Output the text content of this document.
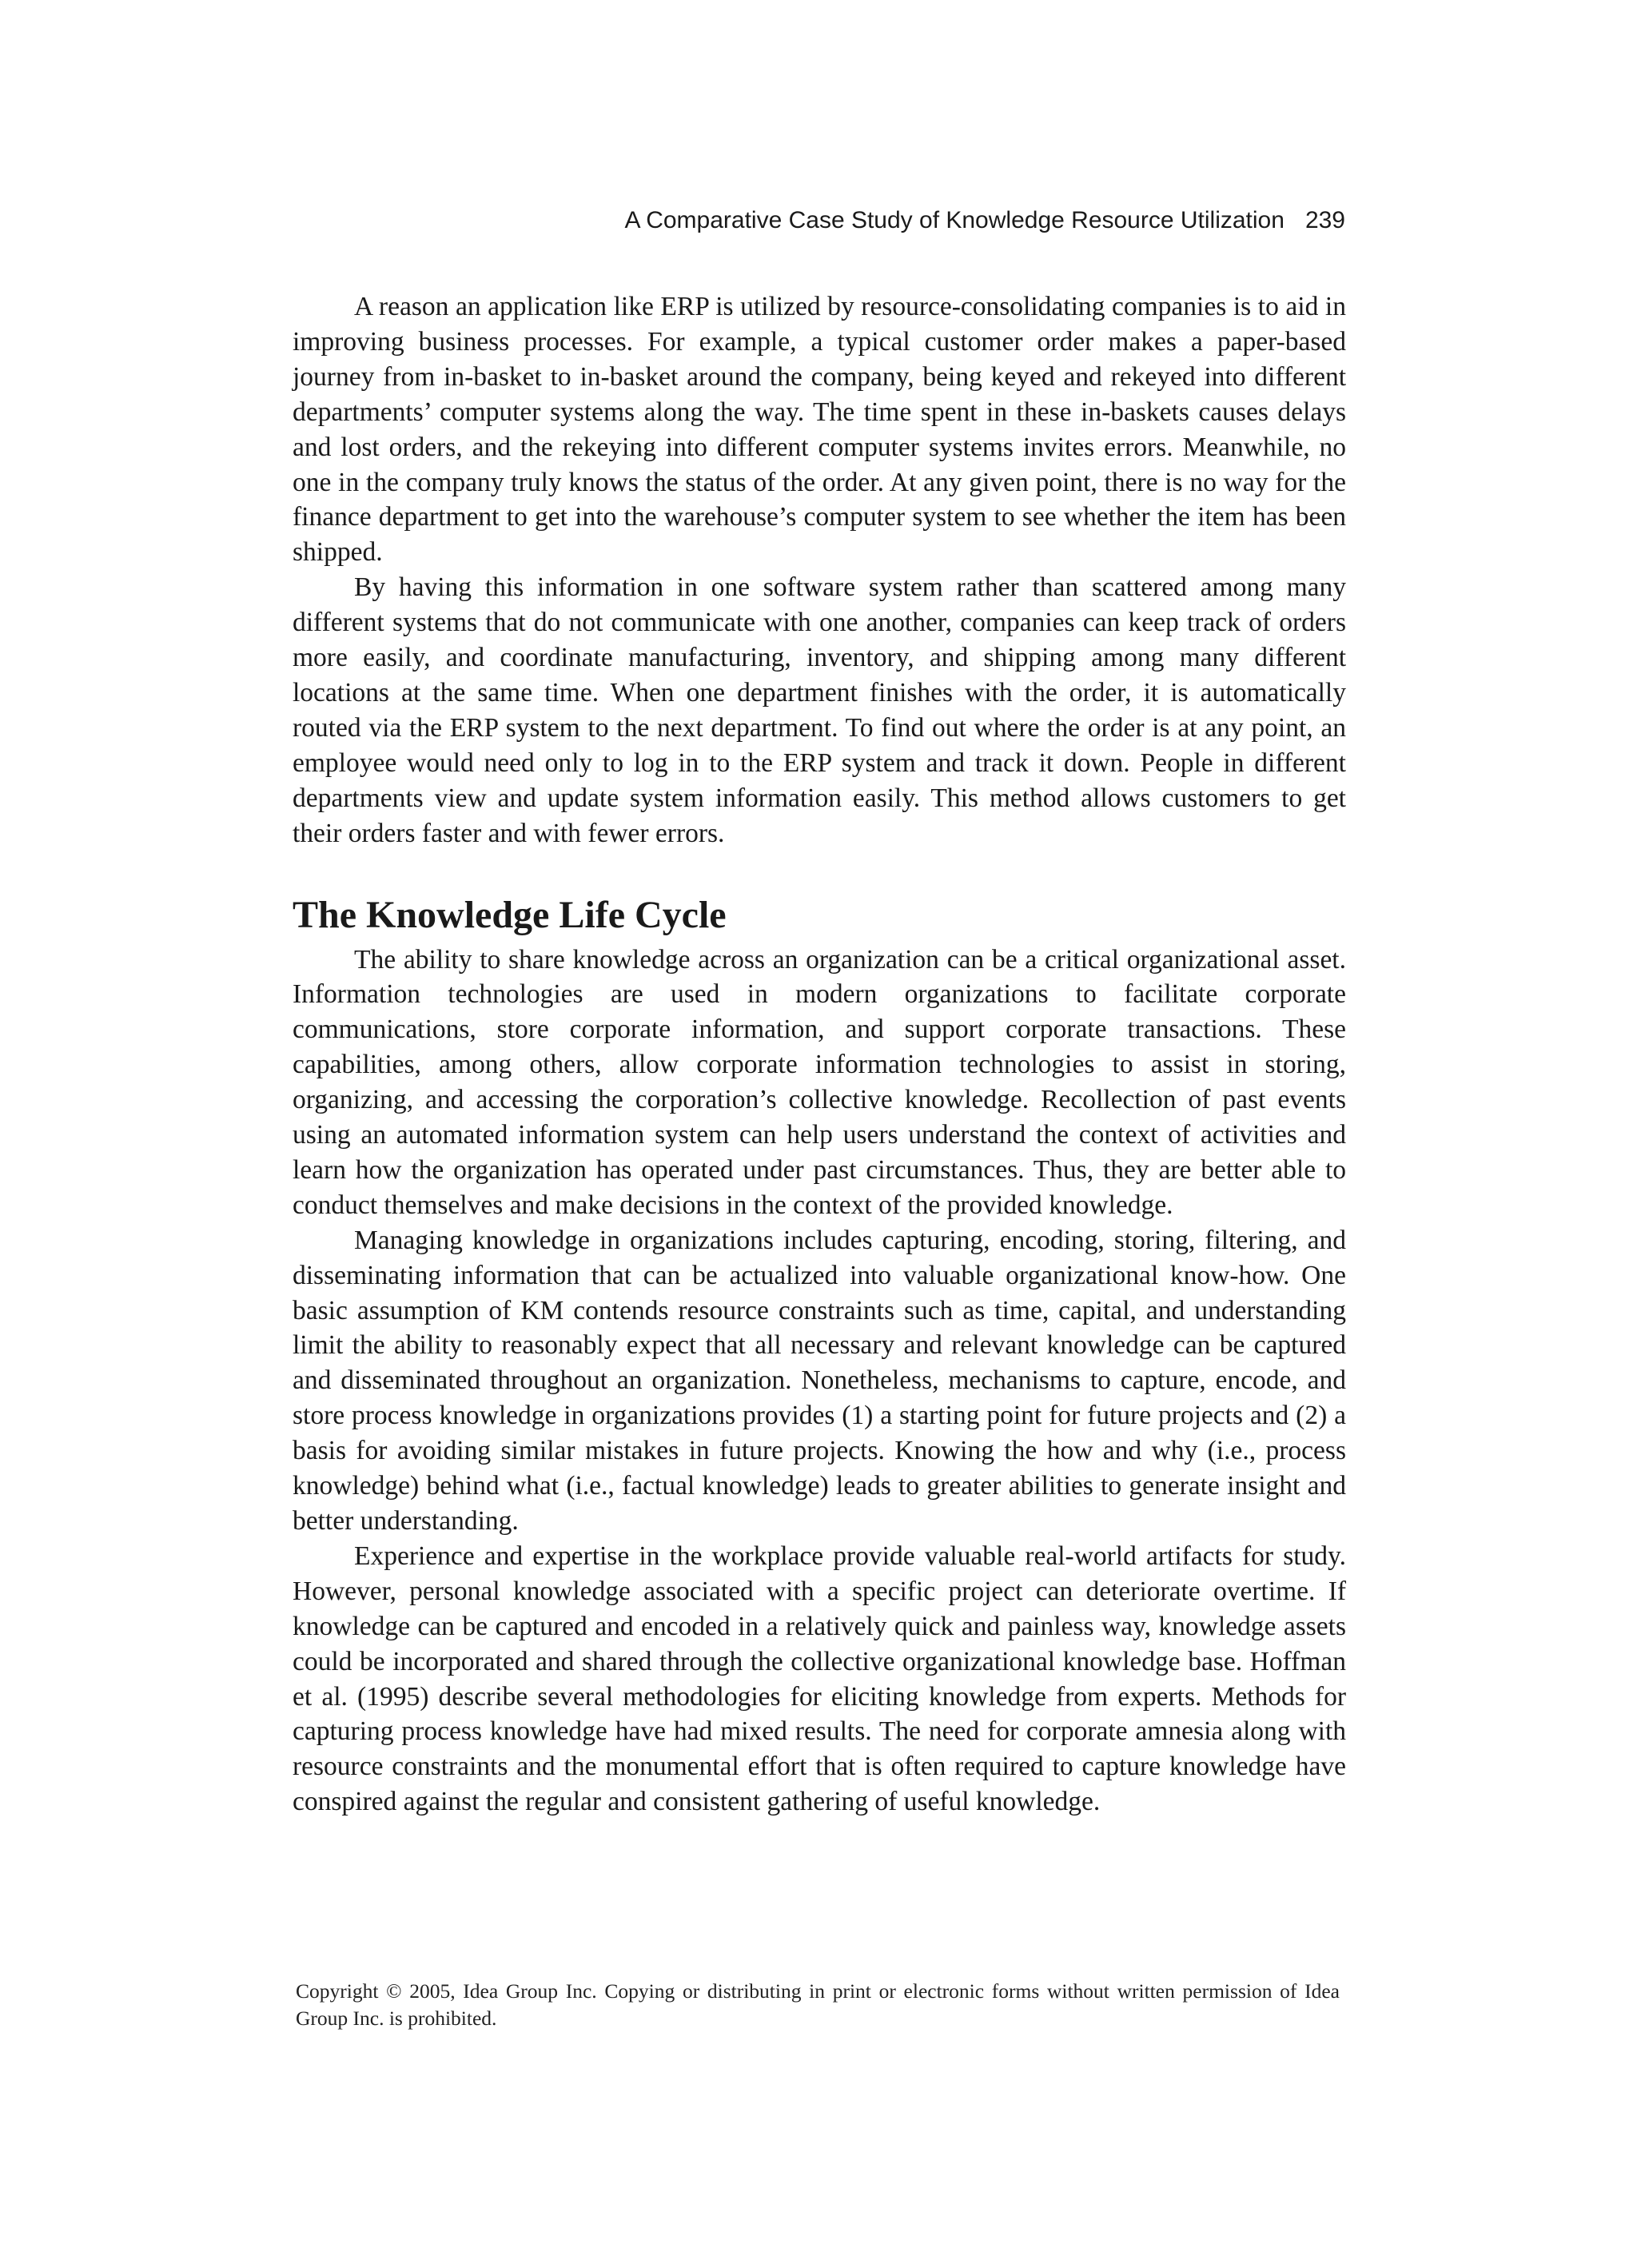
A Comparative Case Study of Knowledge Resource Utilization 239

A reason an application like ERP is utilized by resource-consolidating companies is to aid in improving business processes. For example, a typical customer order makes a paper-based journey from in-basket to in-basket around the company, being keyed and rekeyed into different departments’ computer systems along the way. The time spent in these in-baskets causes delays and lost orders, and the rekeying into different computer systems invites errors. Meanwhile, no one in the company truly knows the status of the order. At any given point, there is no way for the finance department to get into the warehouse’s computer system to see whether the item has been shipped.

By having this information in one software system rather than scattered among many different systems that do not communicate with one another, companies can keep track of orders more easily, and coordinate manufacturing, inventory, and shipping among many different locations at the same time. When one department finishes with the order, it is automatically routed via the ERP system to the next department. To find out where the order is at any point, an employee would need only to log in to the ERP system and track it down. People in different departments view and update system information easily. This method allows customers to get their orders faster and with fewer errors.

The Knowledge Life Cycle

The ability to share knowledge across an organization can be a critical organizational asset. Information technologies are used in modern organizations to facilitate corporate communications, store corporate information, and support corporate transactions. These capabilities, among others, allow corporate information technologies to assist in storing, organizing, and accessing the corporation’s collective knowledge. Recollection of past events using an automated information system can help users understand the context of activities and learn how the organization has operated under past circumstances. Thus, they are better able to conduct themselves and make decisions in the context of the provided knowledge.

Managing knowledge in organizations includes capturing, encoding, storing, filtering, and disseminating information that can be actualized into valuable organizational know-how. One basic assumption of KM contends resource constraints such as time, capital, and understanding limit the ability to reasonably expect that all necessary and relevant knowledge can be captured and disseminated throughout an organization. Nonetheless, mechanisms to capture, encode, and store process knowledge in organizations provides (1) a starting point for future projects and (2) a basis for avoiding similar mistakes in future projects. Knowing the how and why (i.e., process knowledge) behind what (i.e., factual knowledge) leads to greater abilities to generate insight and better understanding.

Experience and expertise in the workplace provide valuable real-world artifacts for study. However, personal knowledge associated with a specific project can deteriorate overtime. If knowledge can be captured and encoded in a relatively quick and painless way, knowledge assets could be incorporated and shared through the collective organizational knowledge base. Hoffman et al. (1995) describe several methodologies for eliciting knowledge from experts. Methods for capturing process knowledge have had mixed results. The need for corporate amnesia along with resource constraints and the monumental effort that is often required to capture knowledge have conspired against the regular and consistent gathering of useful knowledge.

Copyright © 2005, Idea Group Inc. Copying or distributing in print or electronic forms without written permission of Idea Group Inc. is prohibited.
